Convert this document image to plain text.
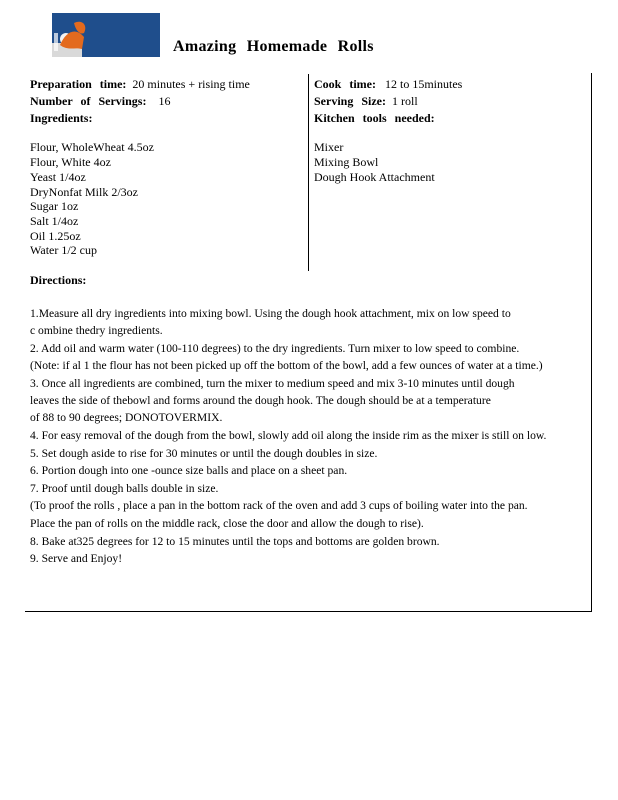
Amazing Homemade Rolls
Preparation time: 20 minutes + rising time
Number of Servings: 16
Ingredients:
Flour, WholeWheat 4.5oz
Flour, White 4oz
Yeast 1/4oz
DryNonfat Milk 2/3oz
Sugar 1oz
Salt 1/4oz
Oil 1.25oz
Water 1/2 cup
Cook time: 12 to 15minutes
Serving Size: 1 roll
Kitchen tools needed:
Mixer
Mixing Bowl
Dough Hook Attachment
Directions:
1.Measure all dry ingredients into mixing bowl. Using the dough hook attachment, mix on low speed to
c ombine thedry ingredients.
2. Add oil and warm water (100-110 degrees) to the dry ingredients. Turn mixer to low speed to combine.
(Note: if al 1 the flour has not been picked up off the bottom of the bowl, add a few ounces of water at a time.)
3. Once all ingredients are combined, turn the mixer to medium speed and mix 3-10 minutes until dough
leaves the side of thebowl and forms around the dough hook. The dough should be at a temperature
of 88 to 90 degrees; DONOTOVERMIX.
4. For easy removal of the dough from the bowl, slowly add oil along the inside rim as the mixer is still on low.
5. Set dough aside to rise for 30 minutes or until the dough doubles in size.
6. Portion dough into one -ounce size balls and place on a sheet pan.
7. Proof until dough balls double in size.
(To proof the rolls , place a pan in the bottom rack of the oven and add 3 cups of boiling water into the pan.
Place the pan of rolls on the middle rack, close the door and allow the dough to rise).
8. Bake at325 degrees for 12 to 15 minutes until the tops and bottoms are golden brown.
9. Serve and Enjoy!
